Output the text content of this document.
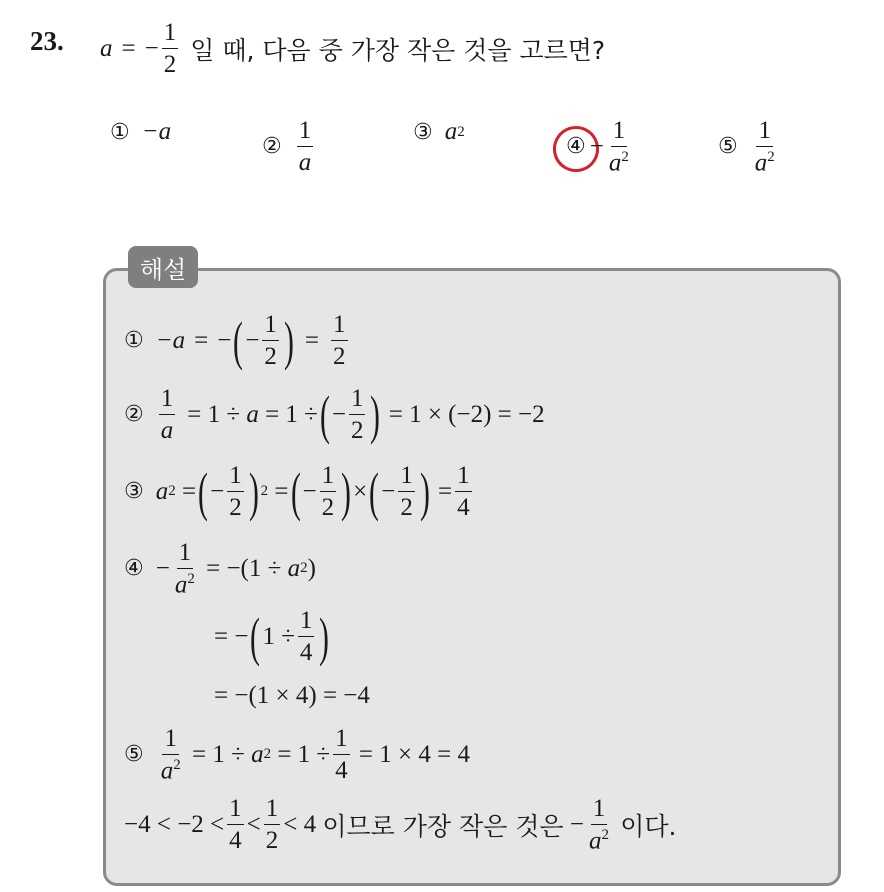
23. a = − $\frac{1}{2}$ 일 때, 다음 중 가장 작은 것을 고르면?
① −a
② $\frac{1}{a}$	③ a 2
④ − $\frac{1}{a^2}$	⑤ $\frac{1}{a^2}$
해설
① −a = − ( − $\frac{1}{2}$ ) = $\frac{1}{2}$
② $\frac{1}{a} = 1 \div a = 1$ ÷ ( − $\frac{1}{2}$ ) = 1 × (−2) = −2
③ a 2 = ( − $\frac{1}{2}$ ) 2 = ( − $\frac{1}{2}$ ) × ( − $\frac{1}{2}$ ) = $\frac{1}{4}$
④ − $\frac{1}{a^2} = -(1 \div a$ 2 )
= − ( $1 \div \frac{1}{4}$ )
= −(1 × 4) = −4
⑤ $\frac{1}{a^2} = 1 \div a$ $2 = 1 \div \frac{1}{4} = 1 \times 4 = 4$
$-4 < -2 < \frac{1}{4} < \frac{1}{2} < 4$ 이므로 가장 작은 것은 − $\frac{1}{a^2}$
이다.
